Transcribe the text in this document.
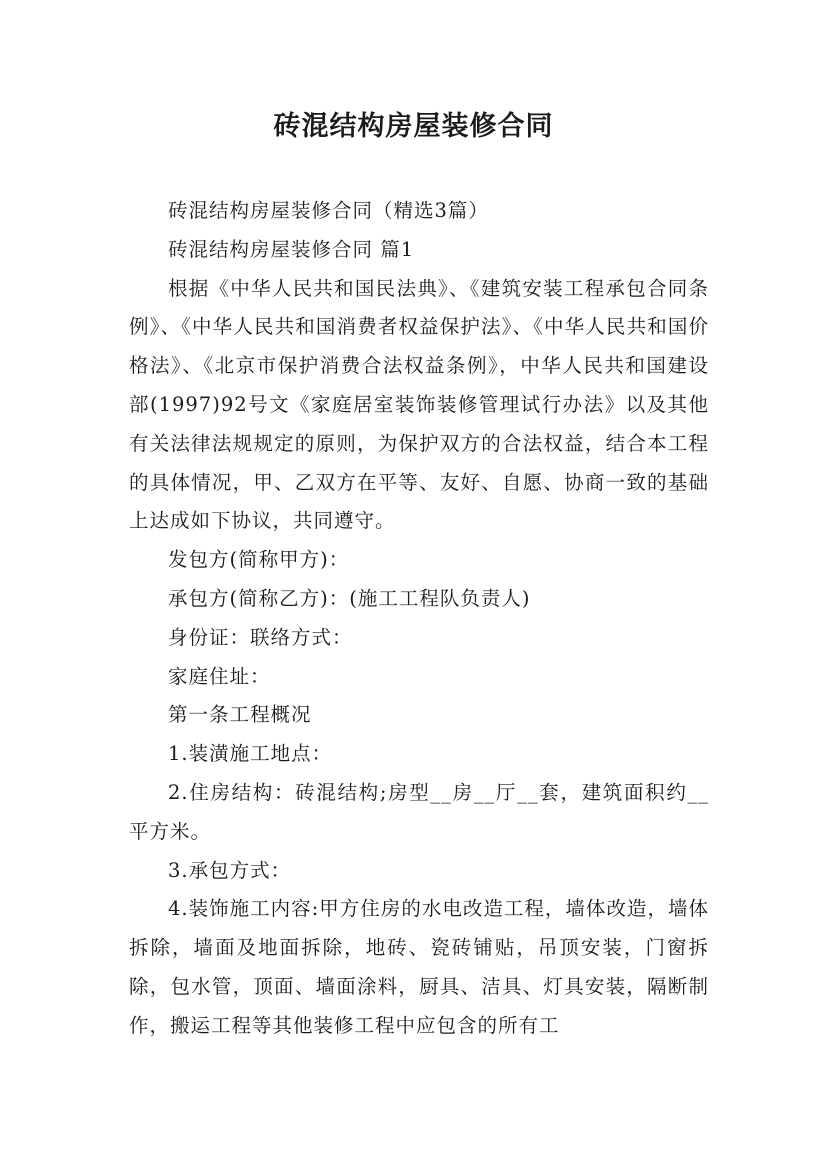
砖混结构房屋装修合同

砖混结构房屋装修合同（精选3篇）

砖混结构房屋装修合同 篇1

根据《中华人民共和国民法典》、《建筑安装工程承包合同条例》、《中华人民共和国消费者权益保护法》、《中华人民共和国价格法》、《北京市保护消费合法权益条例》，中华人民共和国建设部(1997)92号文《家庭居室装饰装修管理试行办法》以及其他有关法律法规规定的原则，为保护双方的合法权益，结合本工程的具体情况，甲、乙双方在平等、友好、自愿、协商一致的基础上达成如下协议，共同遵守。

发包方(简称甲方)：

承包方(简称乙方)：(施工工程队负责人)

身份证：联络方式：

家庭住址：

第一条工程概况

1.装潢施工地点：

2.住房结构：砖混结构;房型__房__厅__套，建筑面积约__平方米。

3.承包方式：

4.装饰施工内容:甲方住房的水电改造工程，墙体改造，墙体拆除，墙面及地面拆除，地砖、瓷砖铺贴，吊顶安装，门窗拆除，包水管，顶面、墙面涂料，厨具、洁具、灯具安装，隔断制作，搬运工程等其他装修工程中应包含的所有工
